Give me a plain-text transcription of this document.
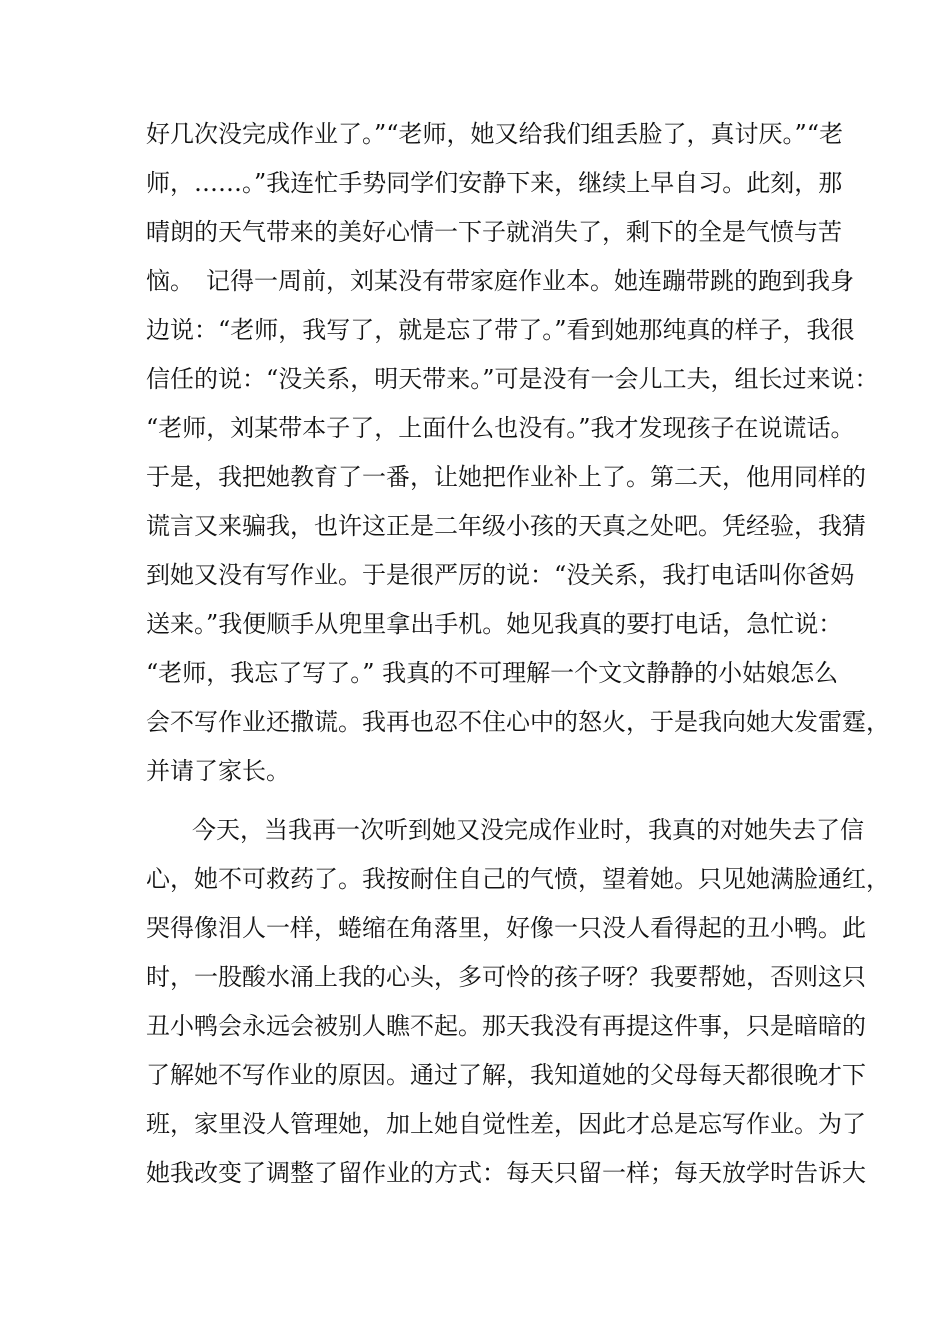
好几次没完成作业了。”“老师，她又给我们组丢脸了，真讨厌。”“老
师，……。”我连忙手势同学们安静下来，继续上早自习。此刻，那
晴朗的天气带来的美好心情一下子就消失了，剩下的全是气愤与苦
恼。　记得一周前，刘某没有带家庭作业本。她连蹦带跳的跑到我身
边说：“老师，我写了，就是忘了带了。”看到她那纯真的样子，我很
信任的说：“没关系，明天带来。”可是没有一会儿工夫，组长过来说：
“老师，刘某带本子了，上面什么也没有。”我才发现孩子在说谎话。
于是，我把她教育了一番，让她把作业补上了。第二天，他用同样的
谎言又来骗我，也许这正是二年级小孩的天真之处吧。凭经验，我猜
到她又没有写作业。于是很严厉的说：“没关系，我打电话叫你爸妈
送来。”我便顺手从兜里拿出手机。她见我真的要打电话，急忙说：
“老师，我忘了写了。” 我真的不可理解一个文文静静的小姑娘怎么
会不写作业还撒谎。我再也忍不住心中的怒火，于是我向她大发雷霆，
并请了家长。
今天，当我再一次听到她又没完成作业时，我真的对她失去了信
心，她不可救药了。我按耐住自己的气愤，望着她。只见她满脸通红，
哭得像泪人一样，蜷缩在角落里，好像一只没人看得起的丑小鸭。此
时，一股酸水涌上我的心头，多可怜的孩子呀？我要帮她，否则这只
丑小鸭会永远会被别人瞧不起。那天我没有再提这件事，只是暗暗的
了解她不写作业的原因。通过了解，我知道她的父母每天都很晚才下
班，家里没人管理她，加上她自觉性差，因此才总是忘写作业。为了
她我改变了调整了留作业的方式：每天只留一样；每天放学时告诉大
